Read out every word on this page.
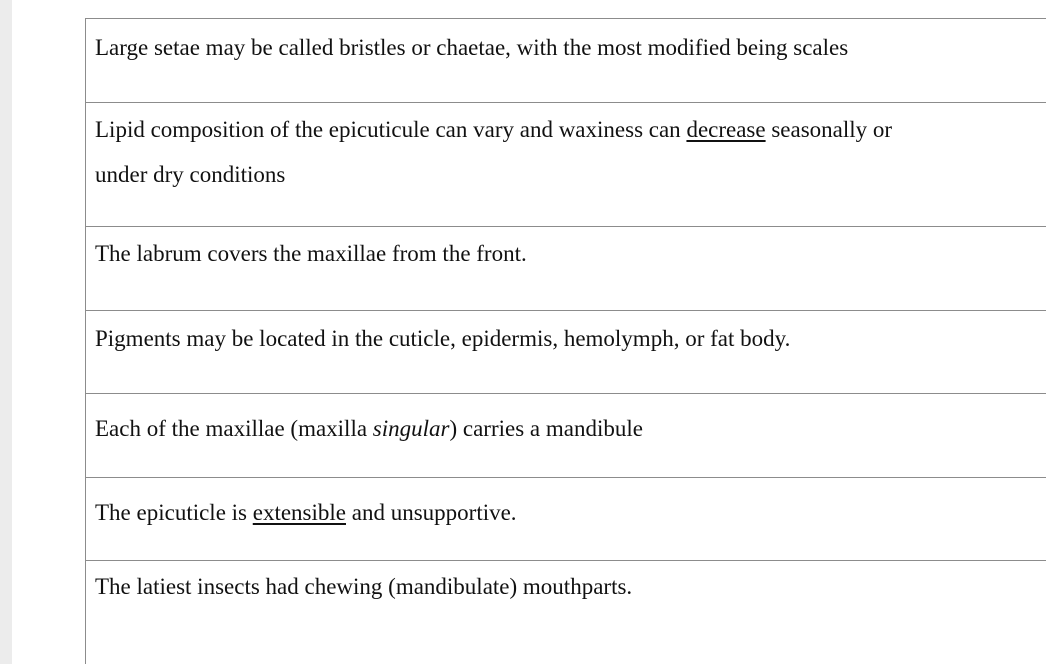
Large setae may be called bristles or chaetae, with the most modified being scales
Lipid composition of the epicuticule can vary and waxiness can decrease seasonally or
under dry conditions
The labrum covers the maxillae from the front.
Pigments may be located in the cuticle, epidermis, hemolymph, or fat body.
Each of the maxillae (maxilla singular) carries a mandibule
The epicuticle is extensible and unsupportive.
The latiest insects had chewing (mandibulate) mouthparts.
